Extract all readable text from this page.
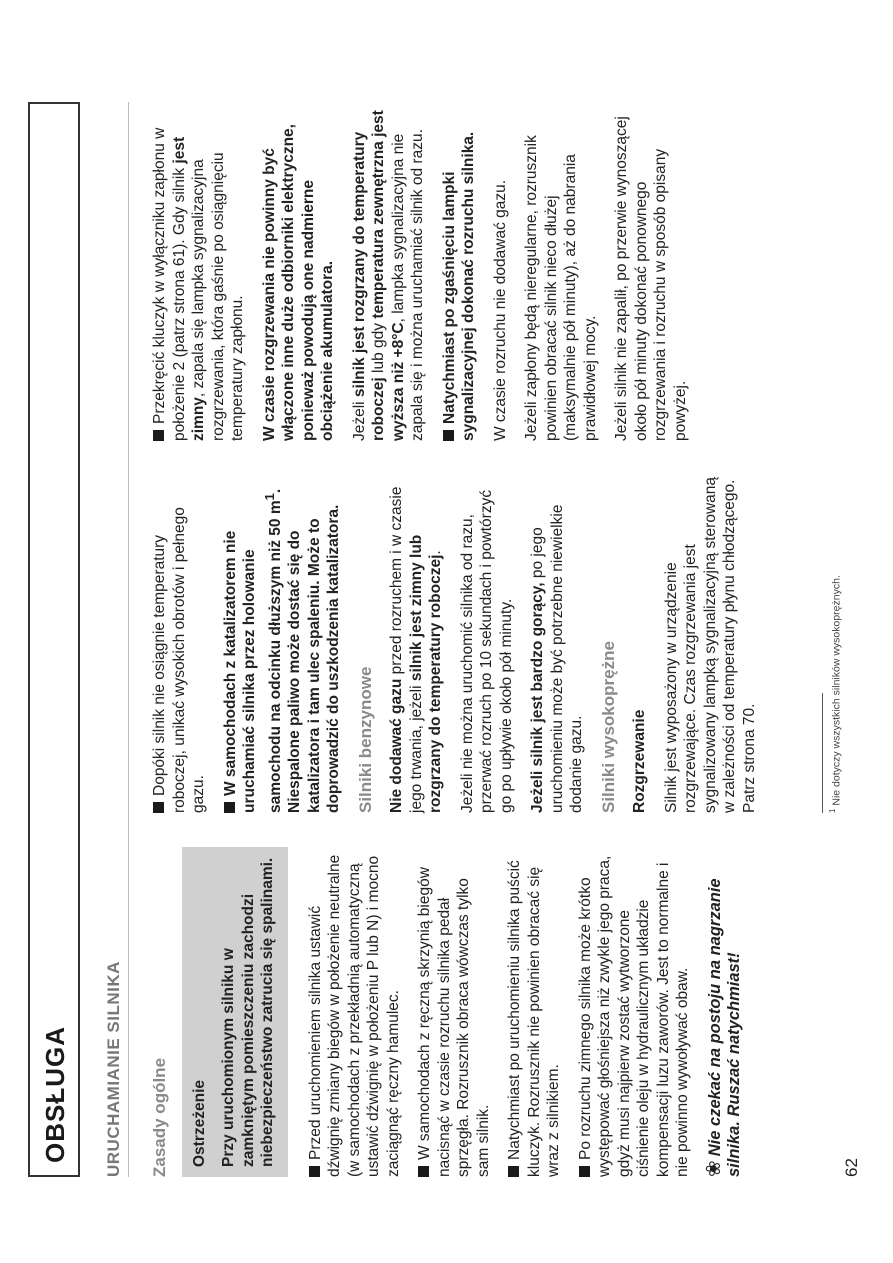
OBSŁUGA URUCHAMIANIE SILNIKA Zasady ogólne Ostrzeżenie Przy uruchomionym silniku w zamkniętym pomieszczeniu zachodzi niebezpieczeństwo zatrucia się spalinami. Przed uruchomieniem silnika ustawić dźwignię zmiany biegów w położenie neutralne (w samochodach z przekładnią automatyczną ustawić dźwignię w położeniu P lub N) i mocno zaciągnąć ręczny hamulec. W samochodach z ręczną skrzynią biegów nacisnąć w czasie rozruchu silnika pedał sprzęgła. Rozrusznik obraca wówczas tylko sam silnik. Natychmiast po uruchomieniu silnika puścić kluczyk. Rozrusznik nie powinien obracać się wraz z silnikiem. Po rozruchu zimnego silnika może krótko występować głośniejsza niż zwykle jego praca, gdyż musi najpierw zostać wytworzone ciśnienie oleju w hydraulicznym układzie kompensacji luzu zaworów. Jest to normalne i nie powinno wywoływać obaw. ❀Nie czekać na postoju na nagrzanie silnika. Ruszać natychmiast!

Dopóki silnik nie osiągnie temperatury roboczej, unikać wysokich obrotów i pełnego gazu. W samochodach z katalizatorem nie uruchamiać silnika przez holowanie samochodu na odcinku dłuższym niż 50 $m^1$. Niespalone paliwo może dostać się do katalizatora i tam ulec spaleniu. Może to doprowadzić do uszkodzenia katalizatora. Silniki benzynowe Nie dodawać gazu przed rozruchem i w czasie jego trwania, jeżeli silnik jest zimny lub rozgrzany do temperatury roboczej. Jeżeli nie można uruchomić silnika od razu, przerwać rozruch po 10 sekundach i powtórzyć go po upływie około pół minuty. Jeżeli silnik jest bardzo gorący, po jego uruchomieniu może być potrzebne niewielkie dodanie gazu. Silniki wysokoprężne Rozgrzewanie Silnik jest wyposażony w urządzenie rozgrzewające. Czas rozgrzewania jest sygnalizowany lampką sygnalizacyjną sterowaną w zależności od temperatury płynu chłodzącego. Patrz strona 70.

Przekręcić kluczyk w wyłączniku zapłonu w położenie 2 (patrz strona 61). Gdy silnik jest zimny, zapala się lampka sygnalizacyjna rozgrzewania, która gaśnie po osiągnięciu temperatury zapłonu. W czasie rozgrzewania nie powinny być włączone inne duże odbiorniki elektryczne, ponieważ powodują one nadmierne obciążenie akumulatora. Jeżeli silnik jest rozgrzany do temperatury roboczej lub gdy temperatura zewnętrzna jest wyższa niż +8°C, lampka sygnalizacyjna nie zapala się i można uruchamiać silnik od razu. Natychmiast po zgaśnięciu lampki sygnalizacyjnej dokonać rozruchu silnika. W czasie rozruchu nie dodawać gazu. Jeżeli zapłony będą nieregularne, rozrusznik powinien obracać silnik nieco dłużej (maksymalnie pół minuty), aż do nabrania prawidłowej mocy. Jeżeli silnik nie zapalił, po przerwie wynoszącej około pół minuty dokonać ponownego rozgrzewania i rozruchu w sposób opisany powyżej.

$^1$ Nie dotyczy wszystkich silników wysokoprężnych.
62
